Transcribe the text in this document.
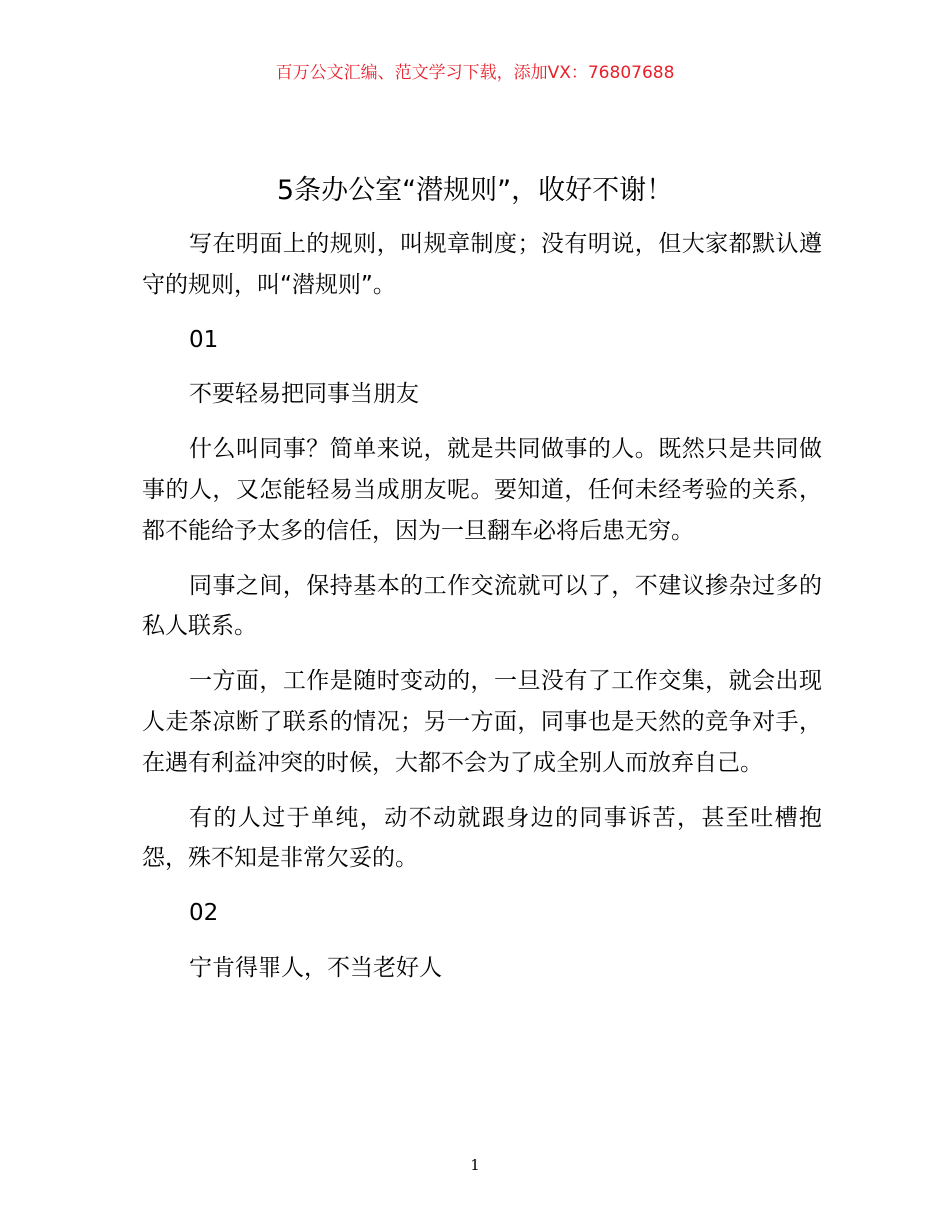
百万公文汇编、范文学习下载，添加VX：76807688
5条办公室“潜规则”，收好不谢！

写在明面上的规则，叫规章制度；没有明说，但大家都默认遵守的规则，叫“潜规则”。

01

不要轻易把同事当朋友

什么叫同事？简单来说，就是共同做事的人。既然只是共同做事的人，又怎能轻易当成朋友呢。要知道，任何未经考验的关系，都不能给予太多的信任，因为一旦翻车必将后患无穷。

同事之间，保持基本的工作交流就可以了，不建议掺杂过多的私人联系。

一方面，工作是随时变动的，一旦没有了工作交集，就会出现人走茶凉断了联系的情况；另一方面，同事也是天然的竞争对手，在遇有利益冲突的时候，大都不会为了成全别人而放弃自己。

有的人过于单纯，动不动就跟身边的同事诉苦，甚至吐槽抱怨，殊不知是非常欠妥的。

02

宁肯得罪人，不当老好人

1
